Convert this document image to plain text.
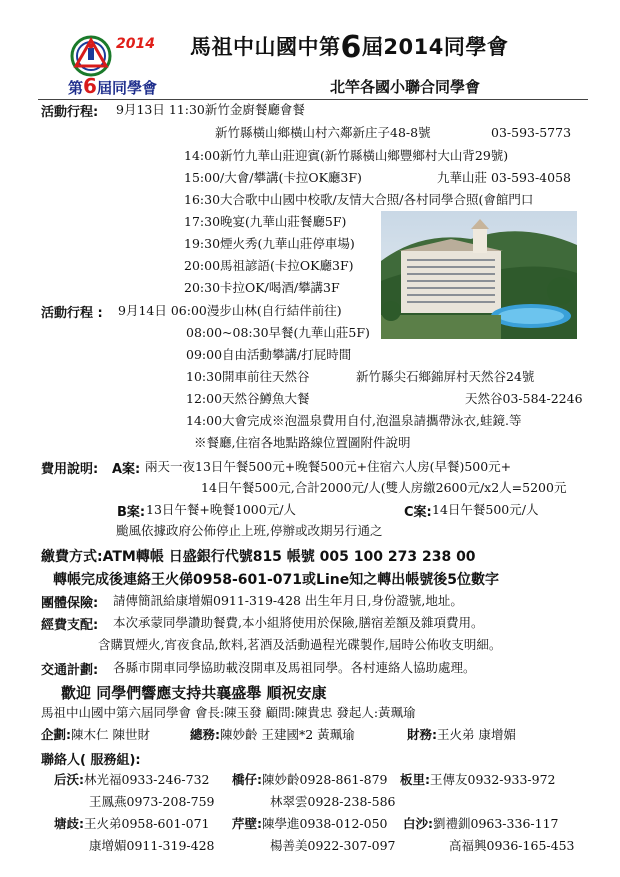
2014
第6屆同學會
馬祖中山國中第6屆2014同學會
北竿各國小聯合同學會
活動行程: 9月13日 11:30新竹金廚餐廳會餐
新竹縣橫山鄉橫山村六鄰新庄子48-8號	03-593-5773
14:00新竹九華山莊迎賓(新竹縣橫山鄉豐鄉村大山背29號)
15:00/大會/攀講(卡拉OK廳3F)	九華山莊 03-593-4058
16:30大合歌中山國中校歌/友情大合照/各村同學合照(會館門口
17:30晚宴(九華山莊餐廳5F)
19:30煙火秀(九華山莊停車場)
20:00馬祖諺語(卡拉OK廳3F)
20:30卡拉OK/喝酒/攀講3F
活動行程 : 9月14日 06:00漫步山林(自行結伴前往)
08:00~08:30早餐(九華山莊5F)
09:00自由活動攀講/打屁時間
10:30開車前往天然谷	新竹縣尖石鄉錦屏村天然谷24號
12:00天然谷鱒魚大餐	天然谷03-584-2246
14:00大會完成※泡溫泉費用自付,泡溫泉請攜帶泳衣,蛙鏡.等
※餐廳,住宿各地點路線位置圖附件說明
費用說明: A案: 兩天一夜13日午餐500元+晚餐500元+住宿六人房(早餐)500元+
14日午餐500元,合計2000元/人(雙人房繳2600元/x2人=5200元
B案: 13日午餐+晚餐1000元/人	C案: 14日午餐500元/人
颱風依據政府公佈停止上班,停辦或改期另行通之
繳費方式:ATM轉帳 日盛銀行代號815 帳號 005 100 273 238 00
轉帳完成後連絡王火俤0958-601-071或Line知之轉出帳號後5位數字
團體保險: 請傳簡訊給康增媚0911-319-428 出生年月日,身份證號,地址。
經費支配: 本次承蒙同學讚助餐費,本小組將使用於保險,膳宿差額及雜項費用。
含購買煙火,宵夜食品,飲料,茗酒及活動過程光碟製作,屆時公佈收支明細。
交通計劃: 各縣市開車同學協助載沒開車及馬祖同學。各村連絡人協助處理。
歡迎 同學們響應支持共襄盛舉 順祝安康
馬祖中山國中第六屆同學會 會長:陳玉發 顧問:陳貴忠 發起人:黃珮瑜
企劃:陳木仁 陳世財	總務:陳妙齡 王建國*2 黃珮瑜	財務:王火弟 康增媚
聯絡人( 服務組):
后沃:林光福0933-246-732 橋仔:陳妙齡0928-861-879 板里:王傳友0932-933-972
王鳳燕0973-208-759	林翠雲0928-238-586
塘歧:王火弟0958-601-071 芹壁:陳學進0938-012-050 白沙:劉禮釧0963-336-117
康增媚0911-319-428	楊善美0922-307-097	高福興0936-165-453
